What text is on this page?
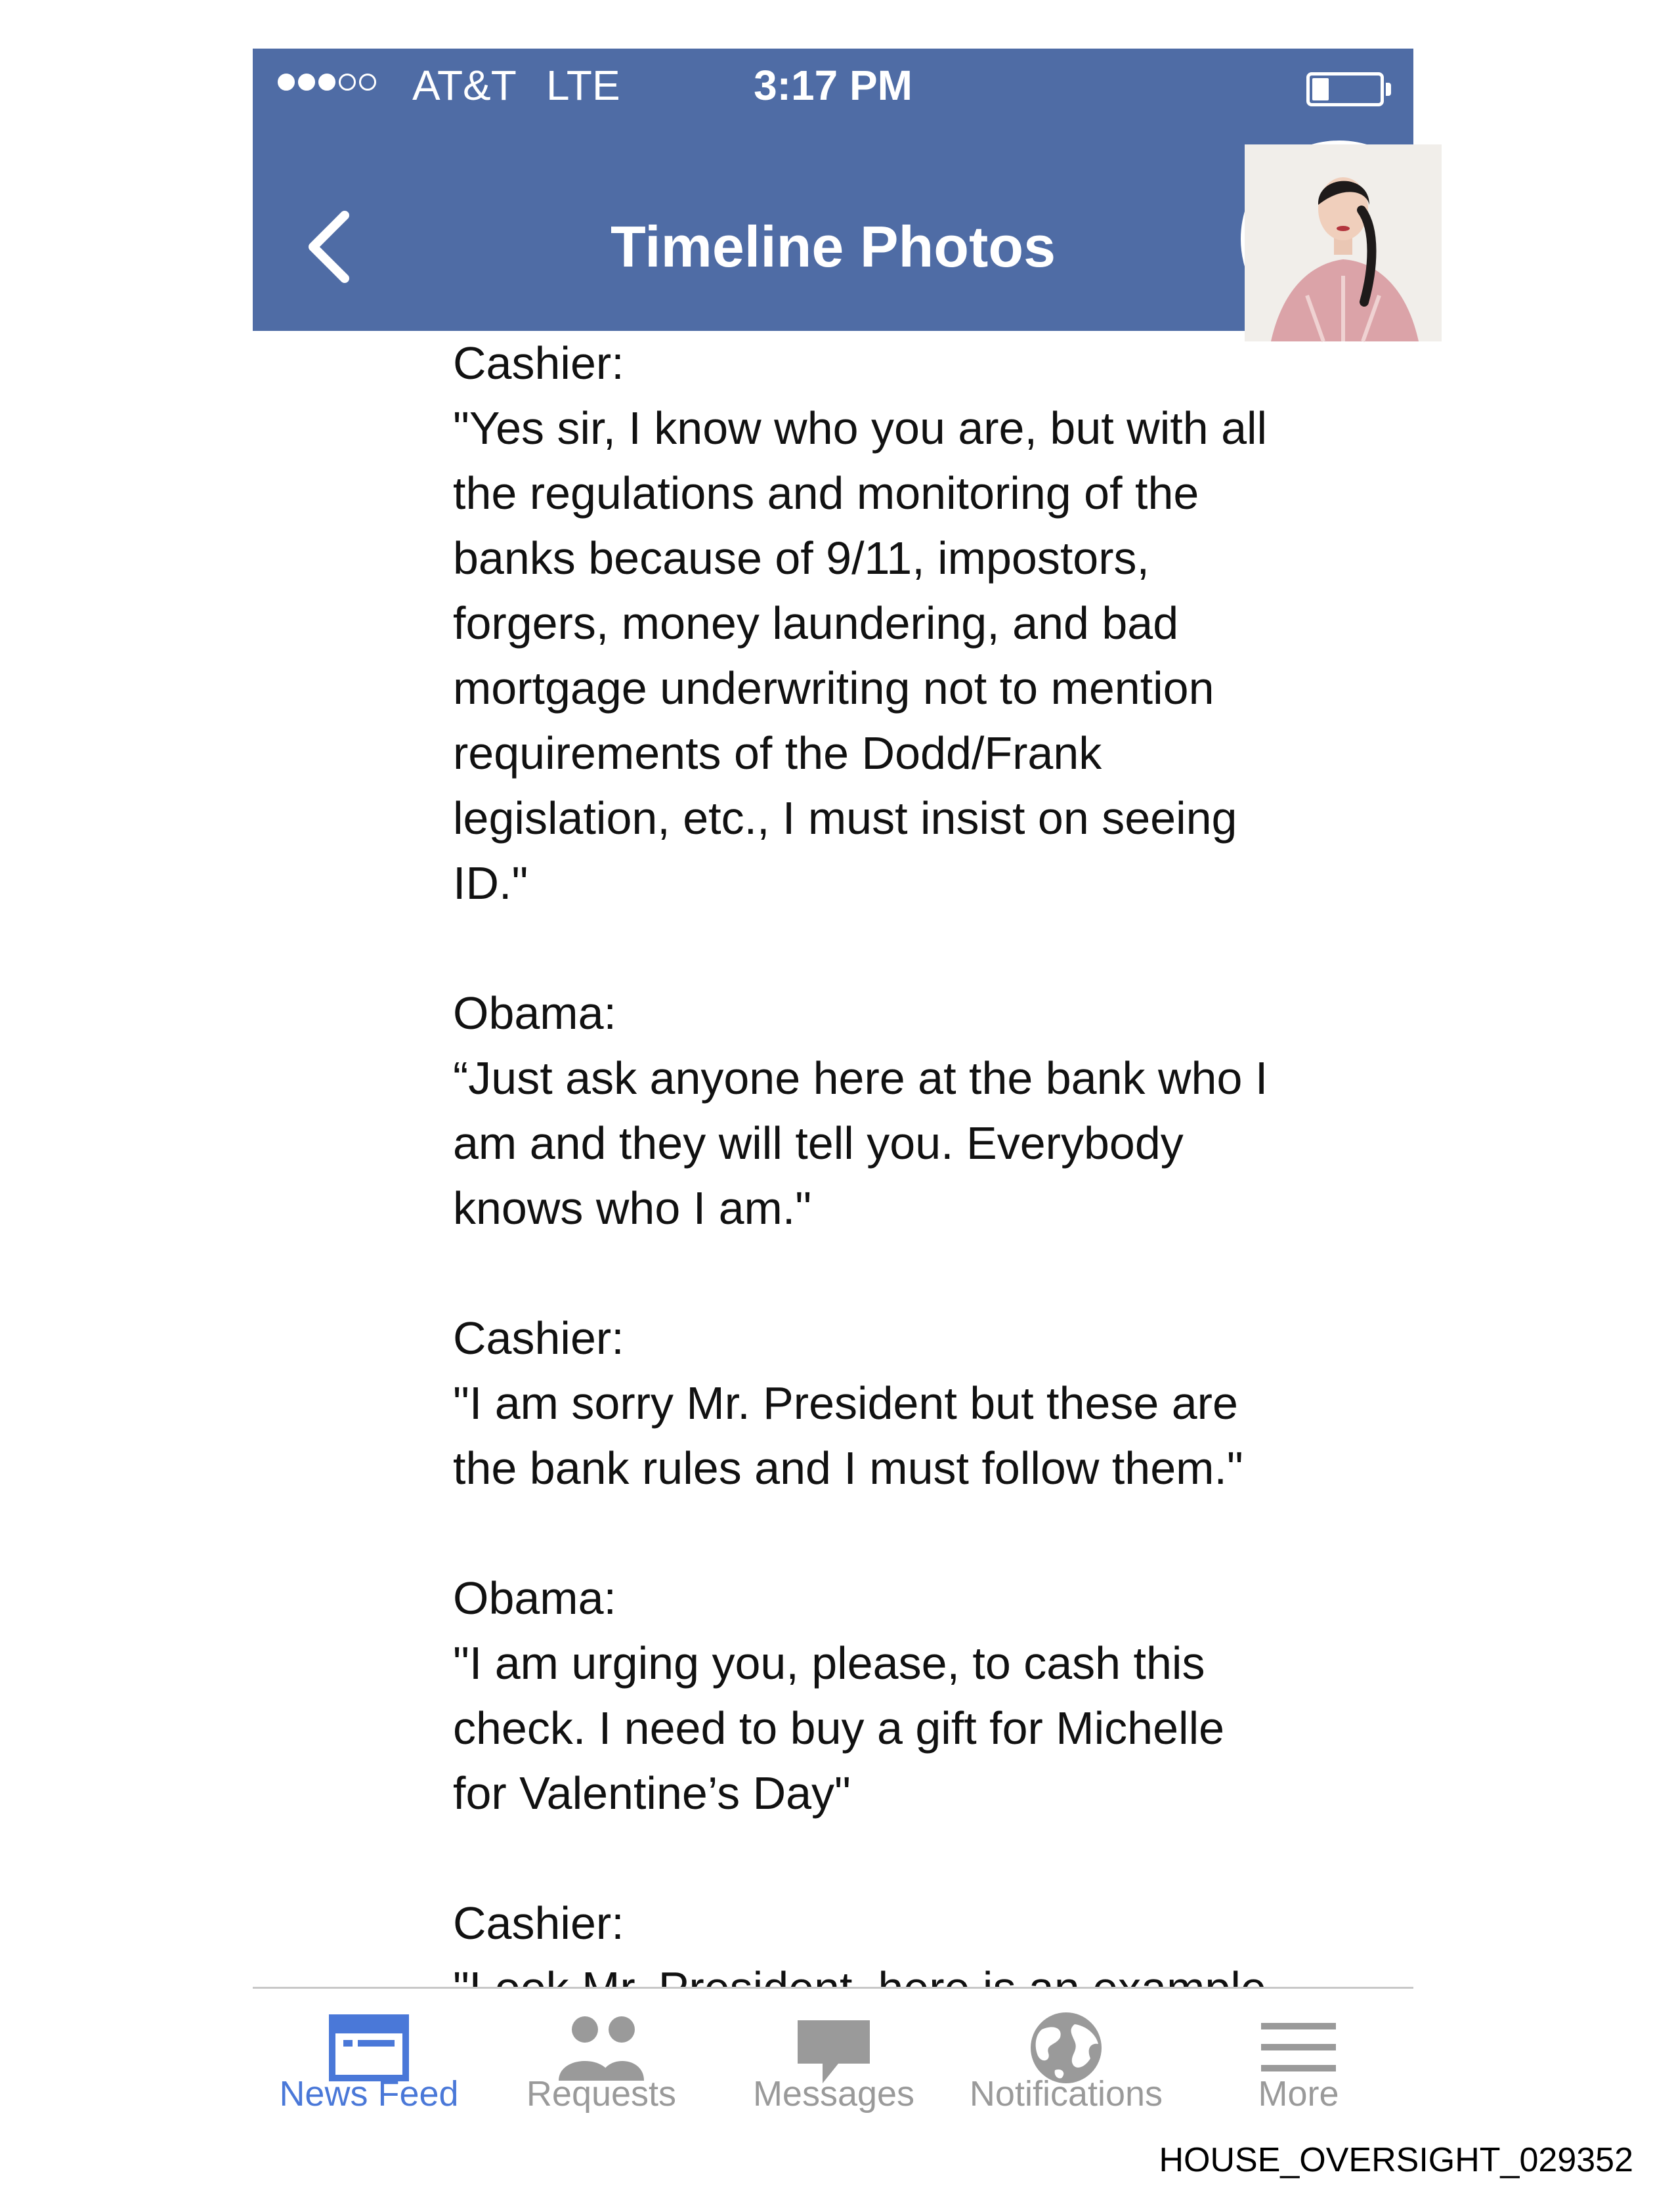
AT&T LTE	3:17 PM
Timeline Photos
Cashier:
"Yes sir, I know who you are, but with all
the regulations and monitoring of the
banks because of 9/11, impostors,
forgers, money laundering, and bad
mortgage underwriting not to mention
requirements of the Dodd/Frank
legislation, etc., I must insist on seeing
ID."
Obama:
“Just ask anyone here at the bank who I
am and they will tell you. Everybody
knows who I am."
Cashier:
"I am sorry Mr. President but these are
the bank rules and I must follow them."
Obama:
"I am urging you, please, to cash this
check. I need to buy a gift for Michelle
for Valentine’s Day"
Cashier:
News Feed	Requests	Messages	Notifications	More
HOUSE_OVERSIGHT_029352
